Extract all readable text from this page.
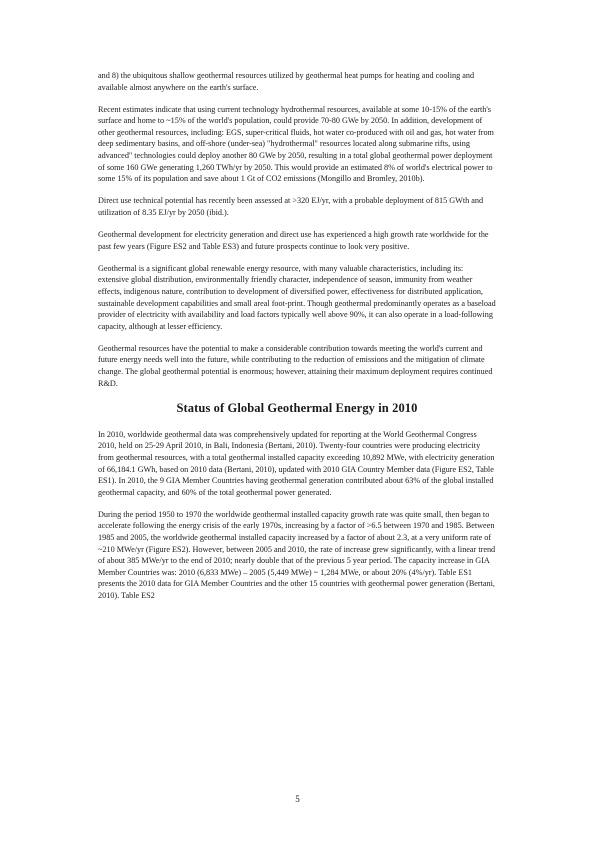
and 8) the ubiquitous shallow geothermal resources utilized by geothermal heat pumps for heating and cooling and available almost anywhere on the earth's surface.

Recent estimates indicate that using current technology hydrothermal resources, available at some 10-15% of the earth's surface and home to ~15% of the world's population, could provide 70-80 GWe by 2050. In addition, development of other geothermal resources, including: EGS, super-critical fluids, hot water co-produced with oil and gas, hot water from deep sedimentary basins, and off-shore (under-sea) "hydrothermal" resources located along submarine rifts, using advanced" technologies could deploy another 80 GWe by 2050, resulting in a total global geothermal power deployment of some 160 GWe generating 1,260 TWh/yr by 2050. This would provide an estimated 8% of world's electrical power to some 15% of its population and save about 1 Gt of CO2 emissions (Mongillo and Bromley, 2010b).

Direct use technical potential has recently been assessed at >320 EJ/yr, with a probable deployment of 815 GWth and utilization of 8.35 EJ/yr by 2050 (ibid.).

Geothermal development for electricity generation and direct use has experienced a high growth rate worldwide for the past few years (Figure ES2 and Table ES3) and future prospects continue to look very positive.

Geothermal is a significant global renewable energy resource, with many valuable characteristics, including its: extensive global distribution, environmentally friendly character, independence of season, immunity from weather effects, indigenous nature, contribution to development of diversified power, effectiveness for distributed application, sustainable development capabilities and small areal foot-print. Though geothermal predominantly operates as a baseload provider of electricity with availability and load factors typically well above 90%, it can also operate in a load-following capacity, although at lesser efficiency.

Geothermal resources have the potential to make a considerable contribution towards meeting the world's current and future energy needs well into the future, while contributing to the reduction of emissions and the mitigation of climate change. The global geothermal potential is enormous; however, attaining their maximum deployment requires continued R&D.

Status of Global Geothermal Energy in 2010

In 2010, worldwide geothermal data was comprehensively updated for reporting at the World Geothermal Congress 2010, held on 25-29 April 2010, in Bali, Indonesia (Bertani, 2010). Twenty-four countries were producing electricity from geothermal resources, with a total geothermal installed capacity exceeding 10,892 MWe, with electricity generation of 66,184.1 GWh, based on 2010 data (Bertani, 2010), updated with 2010 GIA Country Member data (Figure ES2, Table ES1). In 2010, the 9 GIA Member Countries having geothermal generation contributed about 63% of the global installed geothermal capacity, and 60% of the total geothermal power generated.

During the period 1950 to 1970 the worldwide geothermal installed capacity growth rate was quite small, then began to accelerate following the energy crisis of the early 1970s, increasing by a factor of >6.5 between 1970 and 1985. Between 1985 and 2005, the worldwide geothermal installed capacity increased by a factor of about 2.3, at a very uniform rate of ~210 MWe/yr (Figure ES2). However, between 2005 and 2010, the rate of increase grew significantly, with a linear trend of about 385 MWe/yr to the end of 2010; nearly double that of the previous 5 year period. The capacity increase in GIA Member Countries was: 2010 (6,833 MWe) – 2005 (5,449 MWe) ~ 1,284 MWe, or about 20% (4%/yr). Table ES1 presents the 2010 data for GIA Member Countries and the other 15 countries with geothermal power generation (Bertani, 2010). Table ES2

5
